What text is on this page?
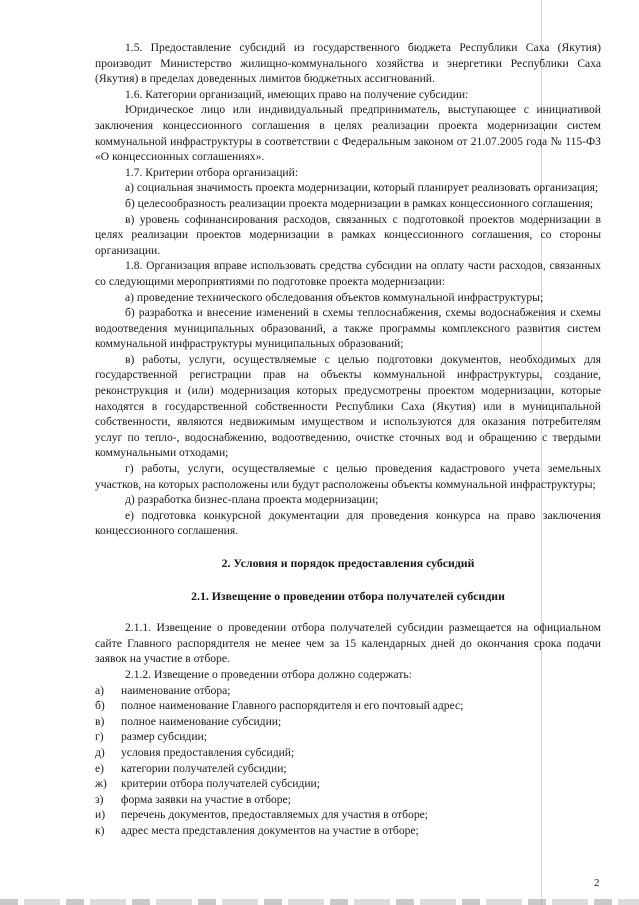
1.5. Предоставление субсидий из государственного бюджета Республики Саха (Якутия) производит Министерство жилищно-коммунального хозяйства и энергетики Республики Саха (Якутия) в пределах доведенных лимитов бюджетных ассигнований.

1.6. Категории организаций, имеющих право на получение субсидии:

Юридическое лицо или индивидуальный предприниматель, выступающее с инициативой заключения концессионного соглашения в целях реализации проекта модернизации систем коммунальной инфраструктуры в соответствии с Федеральным законом от 21.07.2005 года № 115-ФЗ «О концессионных соглашениях».

1.7. Критерии отбора организаций:

а) социальная значимость проекта модернизации, который планирует реализовать организация;

б) целесообразность реализации проекта модернизации в рамках концессионного соглашения;

в) уровень софинансирования расходов, связанных с подготовкой проектов модернизации в целях реализации проектов модернизации в рамках концессионного соглашения, со стороны организации.

1.8. Организация вправе использовать средства субсидии на оплату части расходов, связанных со следующими мероприятиями по подготовке проекта модернизации:

а) проведение технического обследования объектов коммунальной инфраструктуры;

б) разработка и внесение изменений в схемы теплоснабжения, схемы водоснабжения и схемы водоотведения муниципальных образований, а также программы комплексного развития систем коммунальной инфраструктуры муниципальных образований;

в) работы, услуги, осуществляемые с целью подготовки документов, необходимых для государственной регистрации прав на объекты коммунальной инфраструктуры, создание, реконструкция и (или) модернизация которых предусмотрены проектом модернизации, которые находятся в государственной собственности Республики Саха (Якутия) или в муниципальной собственности, являются недвижимым имуществом и используются для оказания потребителям услуг по тепло-, водоснабжению, водоотведению, очистке сточных вод и обращению с твердыми коммунальными отходами;

г) работы, услуги, осуществляемые с целью проведения кадастрового учета земельных участков, на которых расположены или будут расположены объекты коммунальной инфраструктуры;

д) разработка бизнес-плана проекта модернизации;

е) подготовка конкурсной документации для проведения конкурса на право заключения концессионного соглашения.

2. Условия и порядок предоставления субсидий

2.1. Извещение о проведении отбора получателей субсидии

2.1.1. Извещение о проведении отбора получателей субсидии размещается на официальном сайте Главного распорядителя не менее чем за 15 календарных дней до окончания срока подачи заявок на участие в отборе.

2.1.2. Извещение о проведении отбора должно содержать:

а)	наименование отбора;
б)	полное наименование Главного распорядителя и его почтовый адрес;
в)	полное наименование субсидии;
г)	размер субсидии;
д)	условия предоставления субсидий;
е)	категории получателей субсидии;
ж)	критерии отбора получателей субсидии;
з)	форма заявки на участие в отборе;
и)	перечень документов, предоставляемых для участия в отборе;
к)	адрес места представления документов на участие в отборе;
2
